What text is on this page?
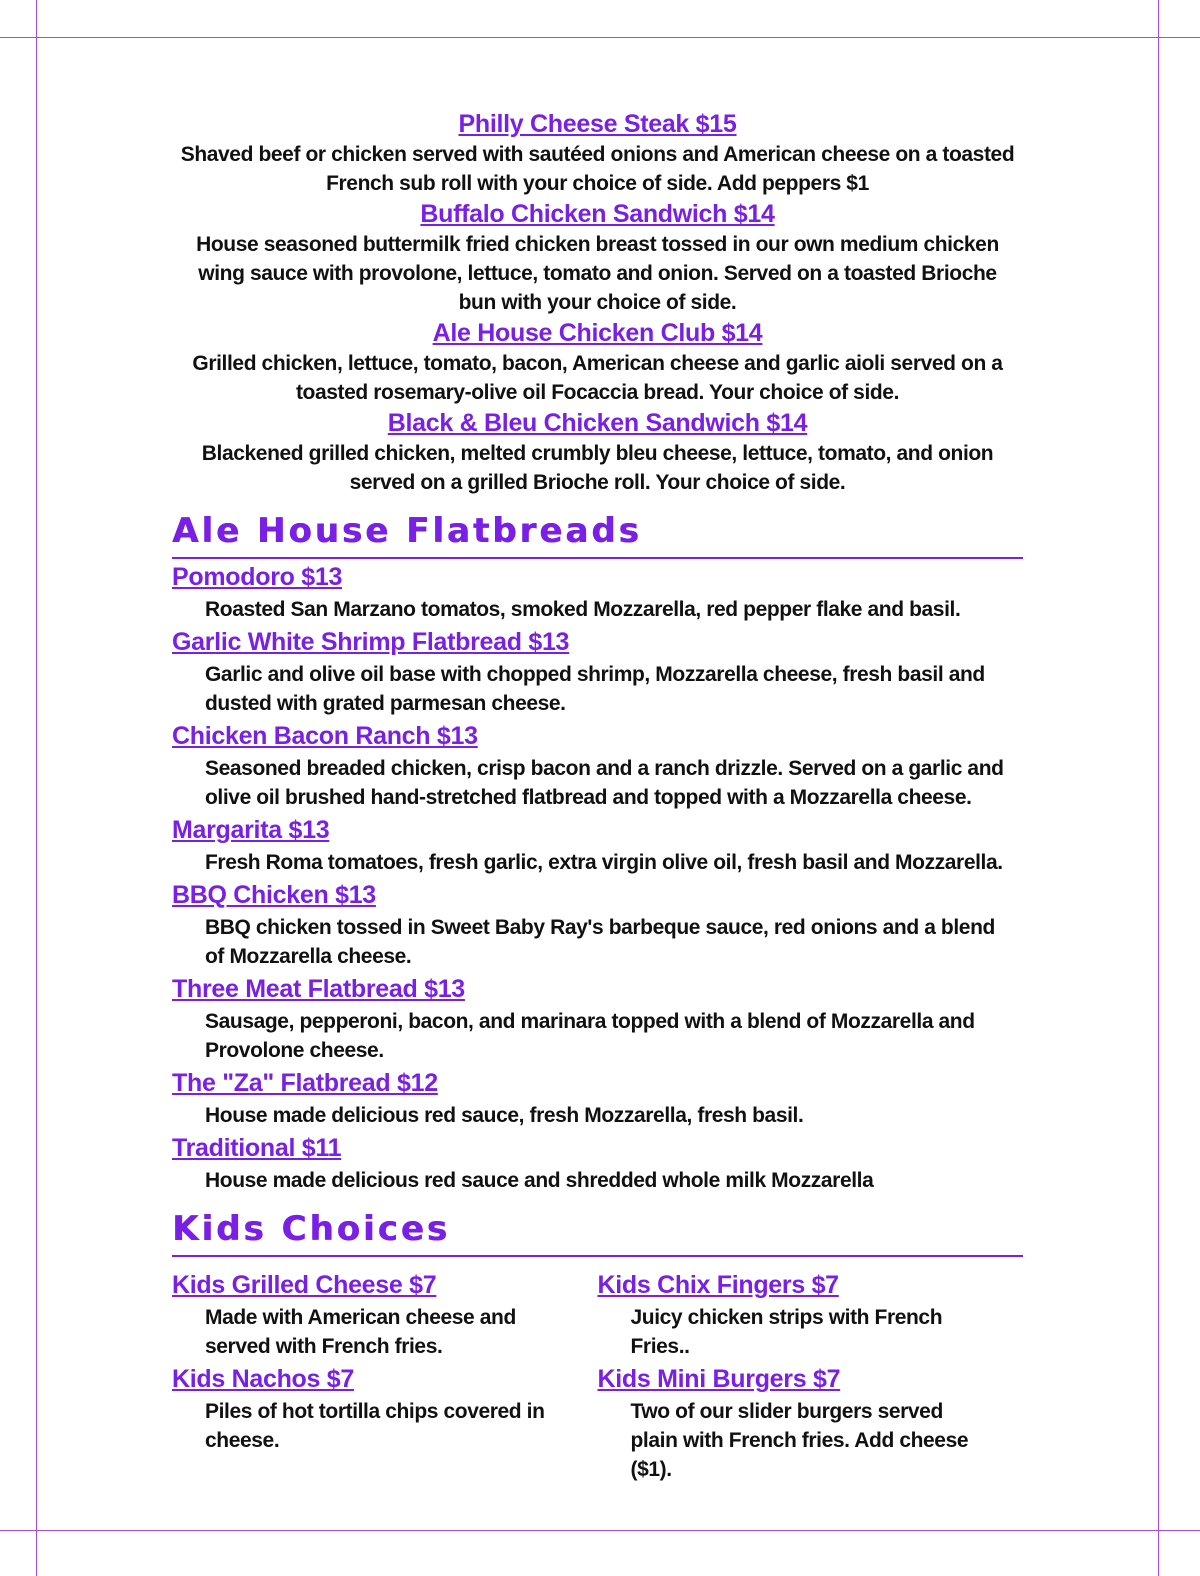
Philly Cheese Steak $15
Shaved beef or chicken served with sautéed onions and American cheese on a toasted
French sub roll with your choice of side. Add peppers $1
Buffalo Chicken Sandwich $14
House seasoned buttermilk fried chicken breast tossed in our own medium chicken
wing sauce with provolone, lettuce, tomato and onion. Served on a toasted Brioche
bun with your choice of side.
Ale House Chicken Club $14
Grilled chicken, lettuce, tomato, bacon, American cheese and garlic aioli served on a
toasted rosemary-olive oil Focaccia bread. Your choice of side.
Black & Bleu Chicken Sandwich $14
Blackened grilled chicken, melted crumbly bleu cheese, lettuce, tomato, and onion
served on a grilled Brioche roll. Your choice of side.
Ale House Flatbreads
Pomodoro $13
Roasted San Marzano tomatos, smoked Mozzarella, red pepper flake and basil.
Garlic White Shrimp Flatbread $13
Garlic and olive oil base with chopped shrimp, Mozzarella cheese, fresh basil and
dusted with grated parmesan cheese.
Chicken Bacon Ranch $13
Seasoned breaded chicken, crisp bacon and a ranch drizzle. Served on a garlic and
olive oil brushed hand-stretched flatbread and topped with a Mozzarella cheese.
Margarita $13
Fresh Roma tomatoes, fresh garlic, extra virgin olive oil, fresh basil and Mozzarella.
BBQ Chicken $13
BBQ chicken tossed in Sweet Baby Ray's barbeque sauce, red onions and a blend
of Mozzarella cheese.
Three Meat Flatbread $13
Sausage, pepperoni, bacon, and marinara topped with a blend of Mozzarella and
Provolone cheese.
The "Za" Flatbread $12
House made delicious red sauce, fresh Mozzarella, fresh basil.
Traditional $11
House made delicious red sauce and shredded whole milk Mozzarella
Kids Choices
Kids Grilled Cheese $7
Made with American cheese and
served with French fries.
Kids Nachos $7
Piles of hot tortilla chips covered in
cheese.
Kids Chix Fingers $7
Juicy chicken strips with French
Fries..
Kids Mini Burgers $7
Two of our slider burgers served
plain with French fries. Add cheese
($1).
